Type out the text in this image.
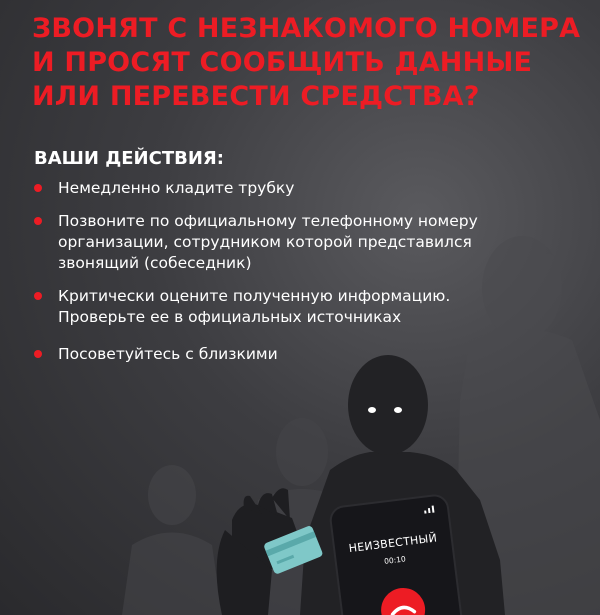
НЕИЗВЕСТНЫЙ
00:10
ЗВОНЯТ С НЕЗНАКОМОГО НОМЕРА
И ПРОСЯТ СООБЩИТЬ ДАННЫЕ
ИЛИ ПЕРЕВЕСТИ СРЕДСТВА?
ВАШИ ДЕЙСТВИЯ:
Немедленно кладите трубку
Позвоните по официальному телефонному номеру
организации, сотрудником которой представился
звонящий (собеседник)
Критически оцените полученную информацию.
Проверьте ее в официальных источниках
Посоветуйтесь с близкими
